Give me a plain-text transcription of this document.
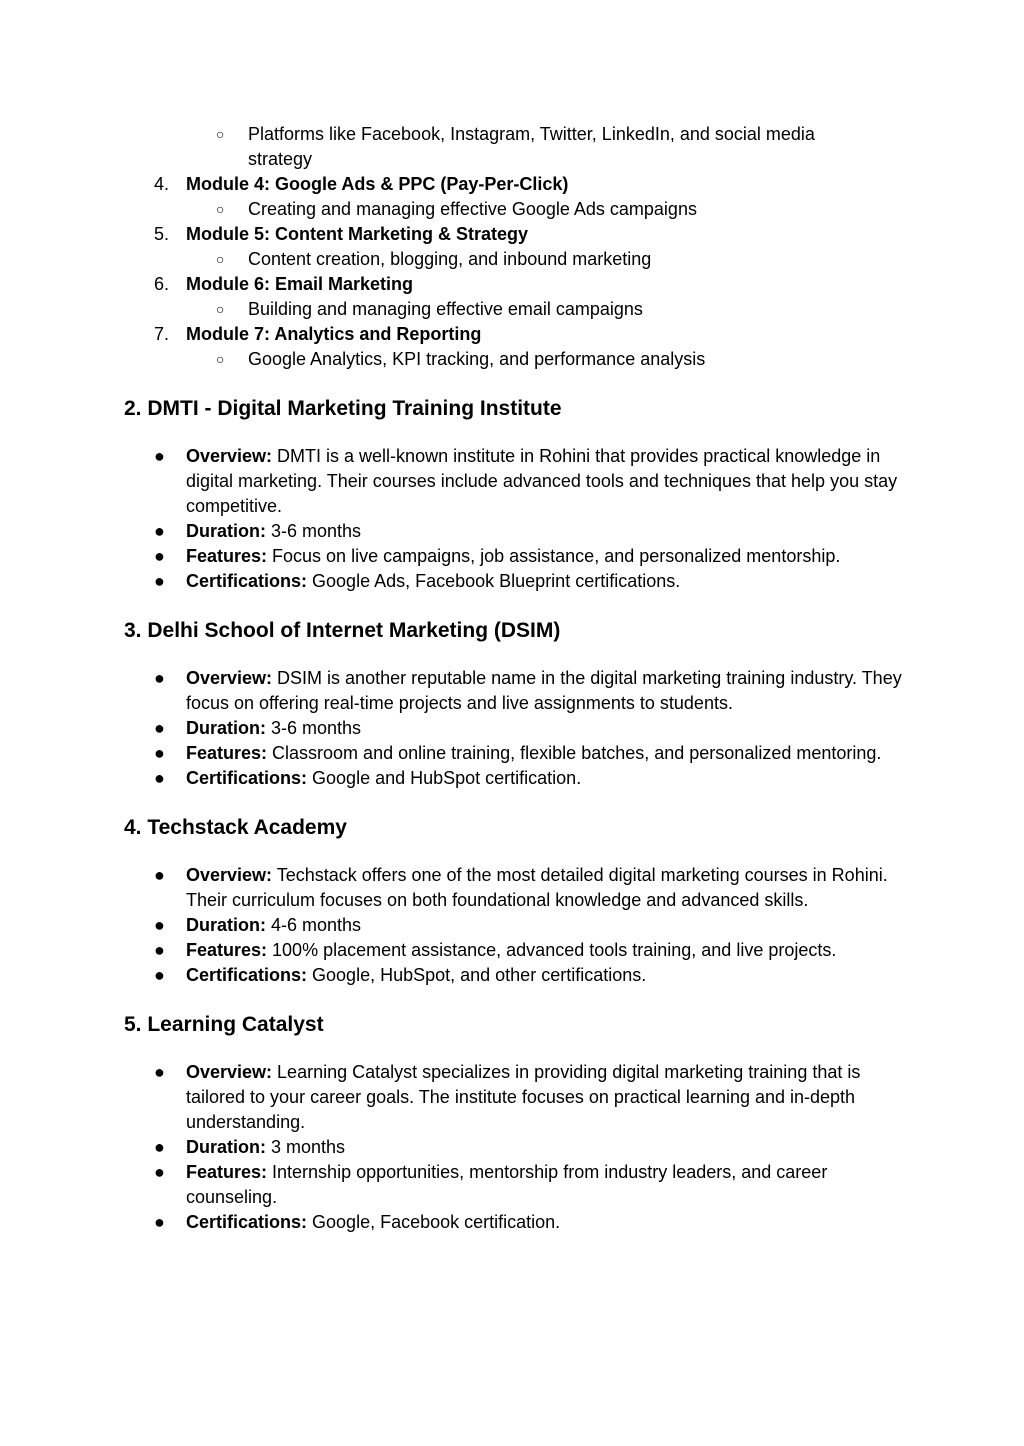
○ Platforms like Facebook, Instagram, Twitter, LinkedIn, and social media strategy
4. Module 4: Google Ads & PPC (Pay-Per-Click)
○ Creating and managing effective Google Ads campaigns
5. Module 5: Content Marketing & Strategy
○ Content creation, blogging, and inbound marketing
6. Module 6: Email Marketing
○ Building and managing effective email campaigns
7. Module 7: Analytics and Reporting
○ Google Analytics, KPI tracking, and performance analysis
2. DMTI - Digital Marketing Training Institute
● Overview: DMTI is a well-known institute in Rohini that provides practical knowledge in digital marketing. Their courses include advanced tools and techniques that help you stay competitive.
● Duration: 3-6 months
● Features: Focus on live campaigns, job assistance, and personalized mentorship.
● Certifications: Google Ads, Facebook Blueprint certifications.
3. Delhi School of Internet Marketing (DSIM)
● Overview: DSIM is another reputable name in the digital marketing training industry. They focus on offering real-time projects and live assignments to students.
● Duration: 3-6 months
● Features: Classroom and online training, flexible batches, and personalized mentoring.
● Certifications: Google and HubSpot certification.
4. Techstack Academy
● Overview: Techstack offers one of the most detailed digital marketing courses in Rohini. Their curriculum focuses on both foundational knowledge and advanced skills.
● Duration: 4-6 months
● Features: 100% placement assistance, advanced tools training, and live projects.
● Certifications: Google, HubSpot, and other certifications.
5. Learning Catalyst
● Overview: Learning Catalyst specializes in providing digital marketing training that is tailored to your career goals. The institute focuses on practical learning and in-depth understanding.
● Duration: 3 months
● Features: Internship opportunities, mentorship from industry leaders, and career counseling.
● Certifications: Google, Facebook certification.
